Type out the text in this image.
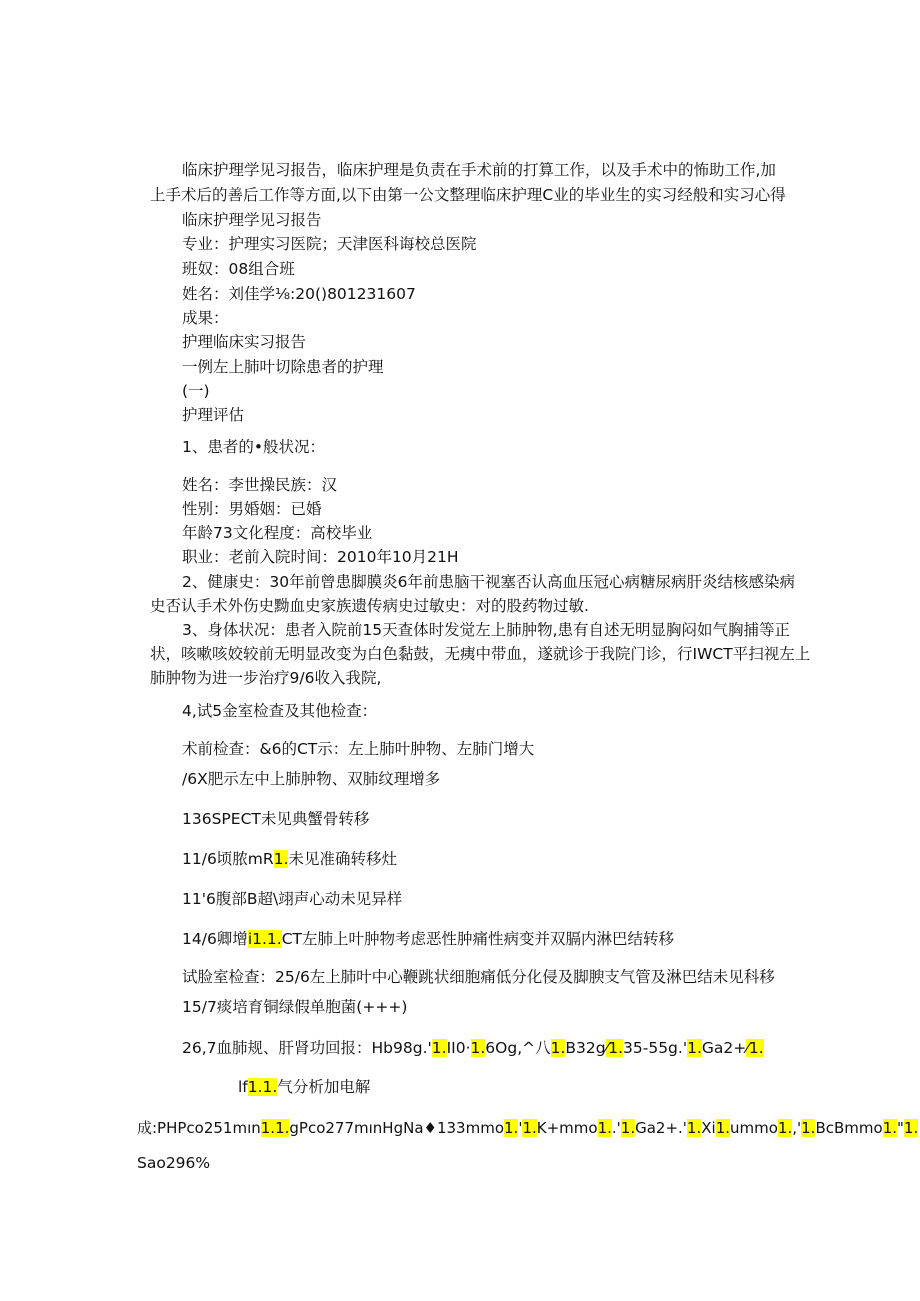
临床护理学见习报告，临床护理是负责在手术前的打算工作，以及手术中的怖助工作,加
上手术后的善后工作等方面,以下由第一公文整理临床护理C业的毕业生的实习经般和实习心得
临床护理学见习报告
专业：护理实习医院；天津医科诲校总医院
班奴：08组合班
姓名：刘佳学⅛:20()801231607
成果：
护理临床实习报告
一例左上肺叶切除患者的护理
(一)
护理评估
1、患者的•般状况：
姓名：李世操民族：汉
性别：男婚姻：已婚
年龄73文化程度：高校毕业
职业：老前入院时间：2010年10月21H
2、健康史：30年前曾患脚膜炎6年前患脑干视塞否认高血压冠心病糖尿病肝炎结核感染病
史否认手术外伤史黝血史家族遗传病史过敏史：对的股药物过敏.
3、身体状况：患者入院前15天查体时发觉左上肺肿物,患有自述无明显胸闷如气胸捕等正
状，咳嗽咳姣较前无明显改变为白色黏鼓，无痍中带血，遂就诊于我院门诊，行IWCT平扫视左上
肺肿物为进一步治疗9/6收入我院,
4,试5金室检查及其他检查：
术前检查：&6的CT示：左上肺叶肿物、左肺门增大
/6X肥示左中上肺肿物、双肺纹理增多
136SPECT未见典蟹骨转移
11/6顷脓mR1.未见准确转移灶
11'6腹部B超\翊声心动未见异样
14/6卿增i1.1.CT左肺上叶肿物考虑恶性肿痛性病变并双膈内淋巴结转移
试脸室检查：25/6左上肺叶中心鞭跳状细胞痛低分化侵及脚腴支气管及淋巴结未见科移
15/7痰培育铜绿假单胞菌(+++)
26,7血肺规、肝肾功回报：Hb98g.'1.II0·1.6Og,^八1.B32g⁄1.35-55g.'1.Ga2+⁄1.
lf1.1.气分析加电解
成:PHPco251mın1.1.gPco277mınHgNa♦133mmo1.'1.K+mmo1..'1.Ga2+.'1.Xi1.ummo1.,'1.BcBmmo1."1.
Sao296%
